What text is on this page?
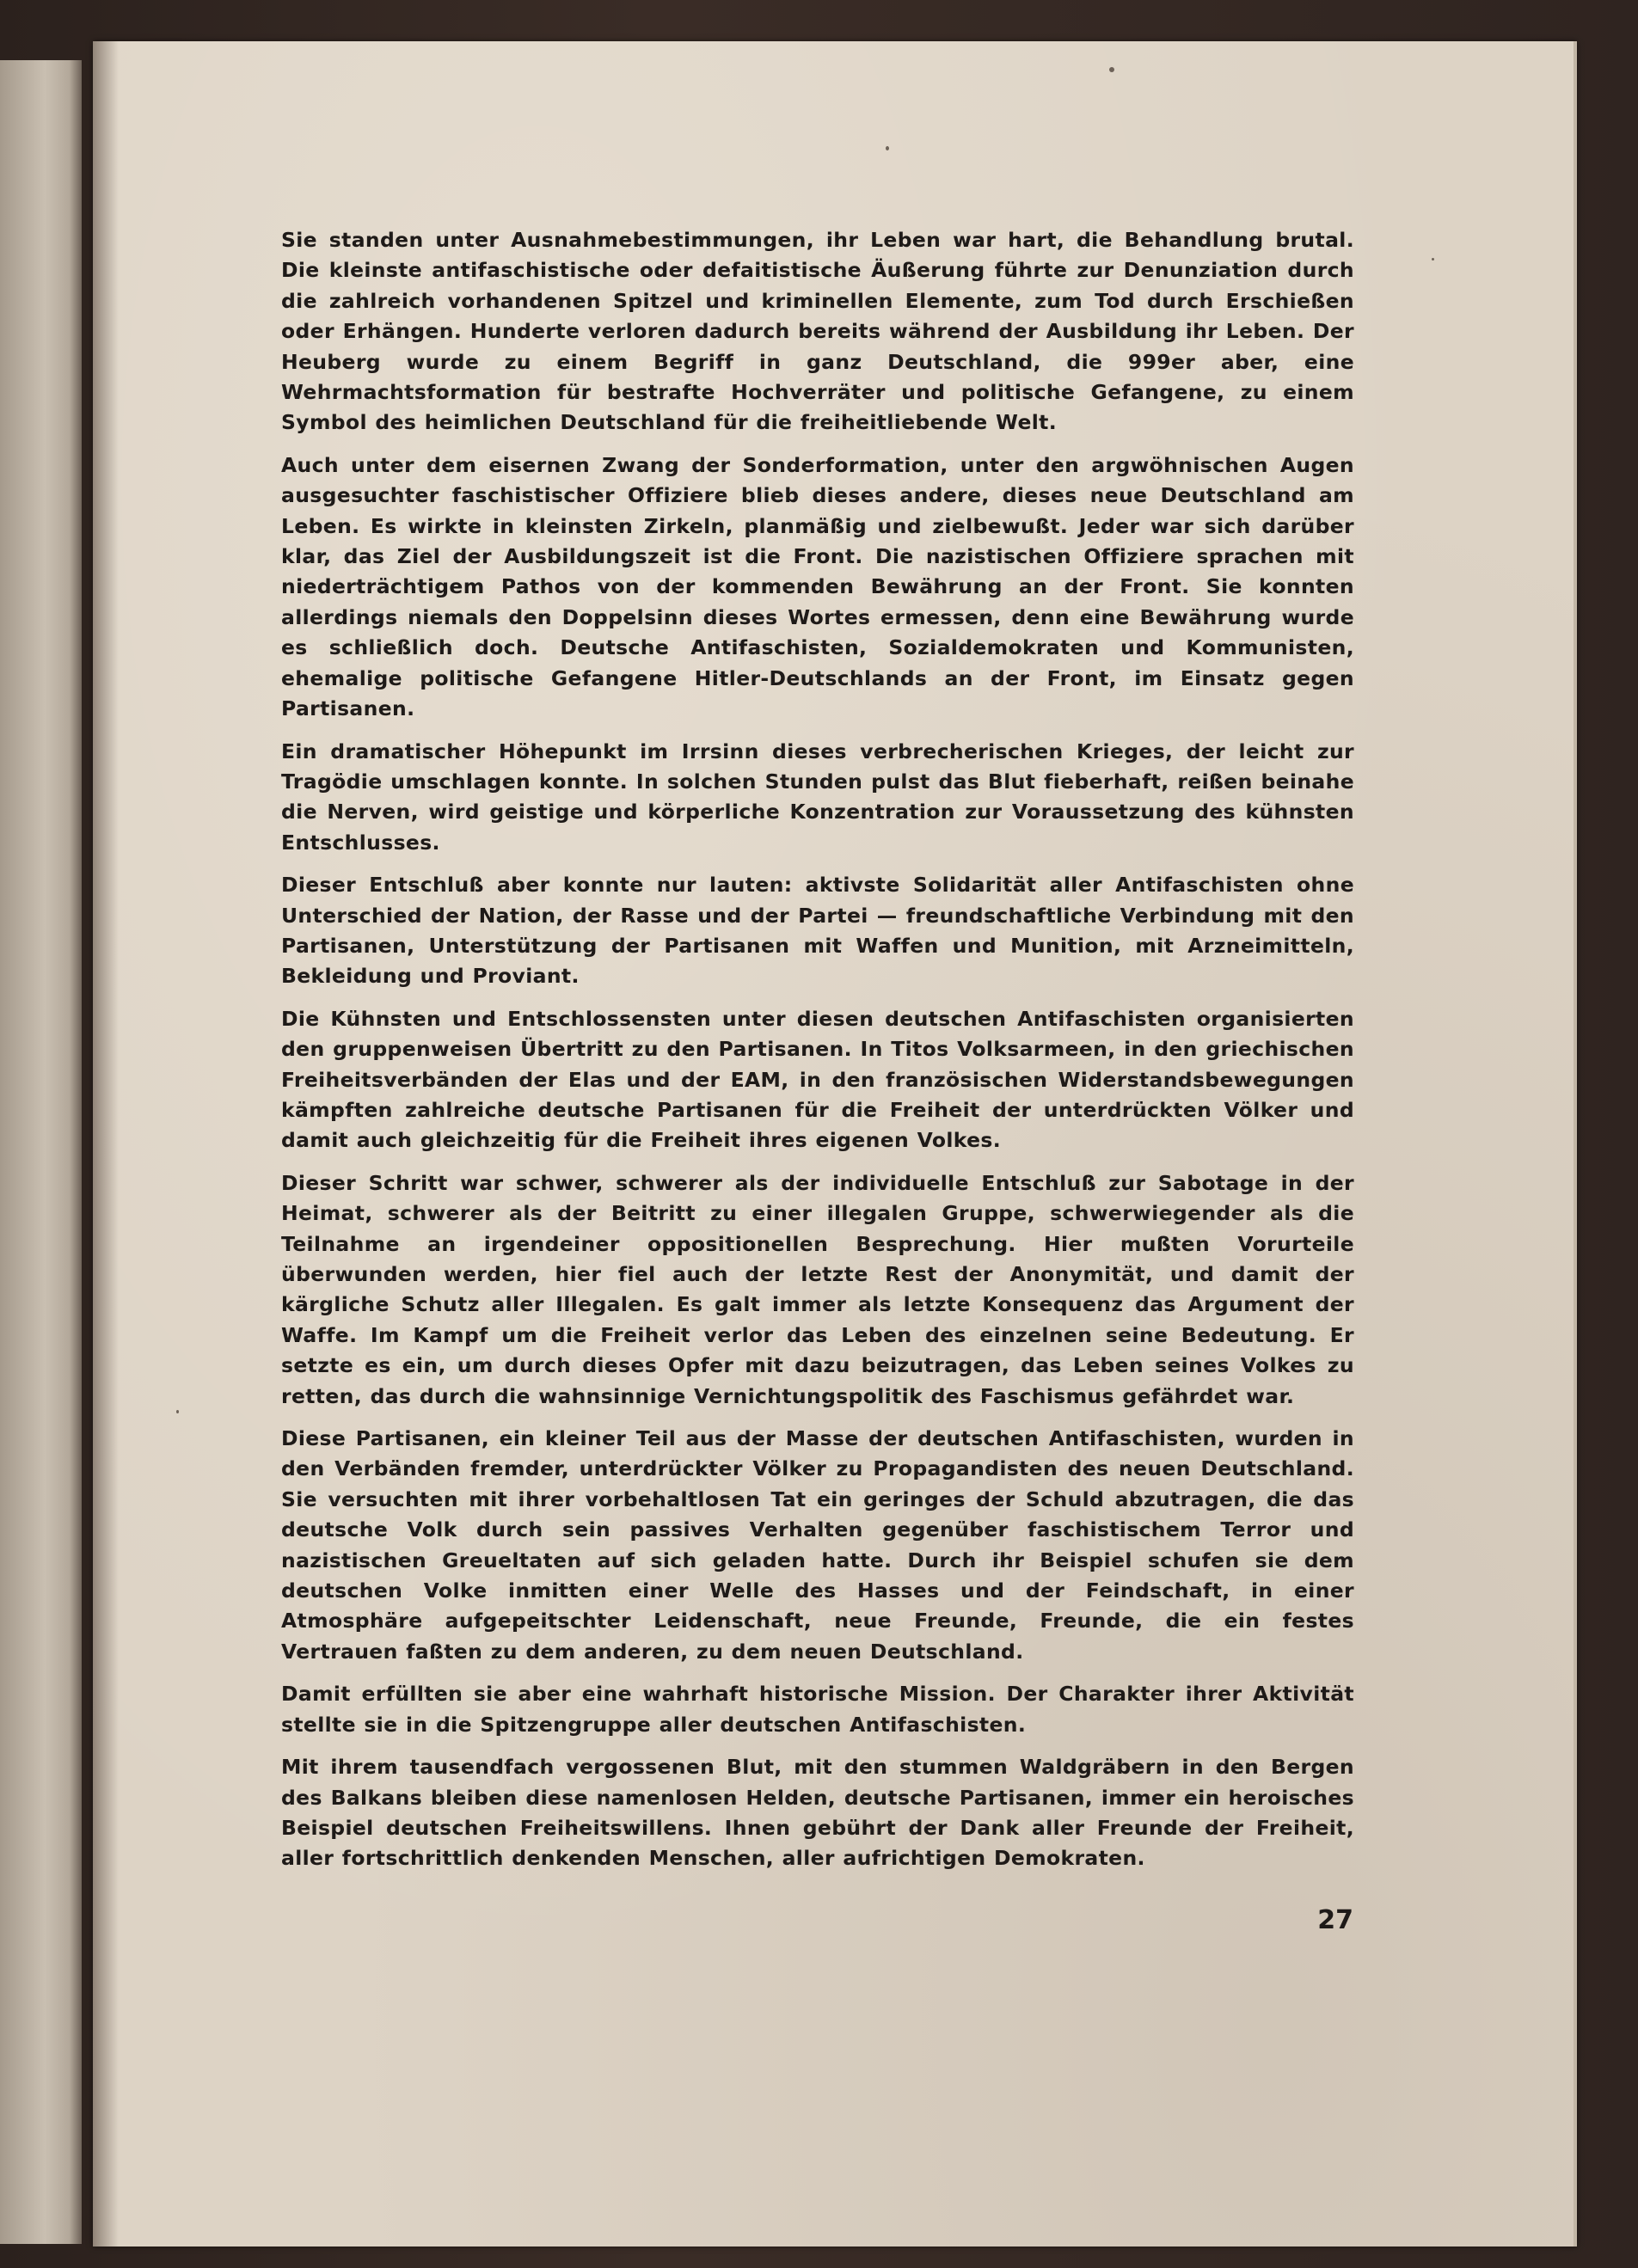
Sie standen unter Ausnahmebestimmungen, ihr Leben war hart, die Behandlung brutal. Die kleinste antifaschistische oder defaitistische Äußerung führte zur Denunziation durch die zahlreich vorhandenen Spitzel und kriminellen Elemente, zum Tod durch Erschießen oder Erhängen. Hunderte verloren dadurch bereits während der Ausbildung ihr Leben. Der Heuberg wurde zu einem Begriff in ganz Deutschland, die 999er aber, eine Wehrmachtsformation für bestrafte Hochverräter und politische Gefangene, zu einem Symbol des heimlichen Deutschland für die freiheitliebende Welt.

Auch unter dem eisernen Zwang der Sonderformation, unter den argwöhnischen Augen ausgesuchter faschistischer Offiziere blieb dieses andere, dieses neue Deutschland am Leben. Es wirkte in kleinsten Zirkeln, planmäßig und zielbewußt. Jeder war sich darüber klar, das Ziel der Ausbildungszeit ist die Front. Die nazistischen Offiziere sprachen mit niederträchtigem Pathos von der kommenden Bewährung an der Front. Sie konnten allerdings niemals den Doppelsinn dieses Wortes ermessen, denn eine Bewährung wurde es schließlich doch. Deutsche Antifaschisten, Sozialdemokraten und Kommunisten, ehemalige politische Gefangene Hitler-Deutschlands an der Front, im Einsatz gegen Partisanen.

Ein dramatischer Höhepunkt im Irrsinn dieses verbrecherischen Krieges, der leicht zur Tragödie umschlagen konnte. In solchen Stunden pulst das Blut fieberhaft, reißen beinahe die Nerven, wird geistige und körperliche Konzentration zur Voraussetzung des kühnsten Entschlusses.

Dieser Entschluß aber konnte nur lauten: aktivste Solidarität aller Antifaschisten ohne Unterschied der Nation, der Rasse und der Partei — freundschaftliche Verbindung mit den Partisanen, Unterstützung der Partisanen mit Waffen und Munition, mit Arzneimitteln, Bekleidung und Proviant.

Die Kühnsten und Entschlossensten unter diesen deutschen Antifaschisten organisierten den gruppenweisen Übertritt zu den Partisanen. In Titos Volksarmeen, in den griechischen Freiheitsverbänden der Elas und der EAM, in den französischen Widerstandsbewegungen kämpften zahlreiche deutsche Partisanen für die Freiheit der unterdrückten Völker und damit auch gleichzeitig für die Freiheit ihres eigenen Volkes.

Dieser Schritt war schwer, schwerer als der individuelle Entschluß zur Sabotage in der Heimat, schwerer als der Beitritt zu einer illegalen Gruppe, schwerwiegender als die Teilnahme an irgendeiner oppositionellen Besprechung. Hier mußten Vorurteile überwunden werden, hier fiel auch der letzte Rest der Anonymität, und damit der kärgliche Schutz aller Illegalen. Es galt immer als letzte Konsequenz das Argument der Waffe. Im Kampf um die Freiheit verlor das Leben des einzelnen seine Bedeutung. Er setzte es ein, um durch dieses Opfer mit dazu beizutragen, das Leben seines Volkes zu retten, das durch die wahnsinnige Vernichtungspolitik des Faschismus gefährdet war.

Diese Partisanen, ein kleiner Teil aus der Masse der deutschen Antifaschisten, wurden in den Verbänden fremder, unterdrückter Völker zu Propagandisten des neuen Deutschland. Sie versuchten mit ihrer vorbehaltlosen Tat ein geringes der Schuld abzutragen, die das deutsche Volk durch sein passives Verhalten gegenüber faschistischem Terror und nazistischen Greueltaten auf sich geladen hatte. Durch ihr Beispiel schufen sie dem deutschen Volke inmitten einer Welle des Hasses und der Feindschaft, in einer Atmosphäre aufgepeitschter Leidenschaft, neue Freunde, Freunde, die ein festes Vertrauen faßten zu dem anderen, zu dem neuen Deutschland.

Damit erfüllten sie aber eine wahrhaft historische Mission. Der Charakter ihrer Aktivität stellte sie in die Spitzengruppe aller deutschen Antifaschisten.

Mit ihrem tausendfach vergossenen Blut, mit den stummen Waldgräbern in den Bergen des Balkans bleiben diese namenlosen Helden, deutsche Partisanen, immer ein heroisches Beispiel deutschen Freiheitswillens. Ihnen gebührt der Dank aller Freunde der Freiheit, aller fortschrittlich denkenden Menschen, aller aufrichtigen Demokraten.

27
